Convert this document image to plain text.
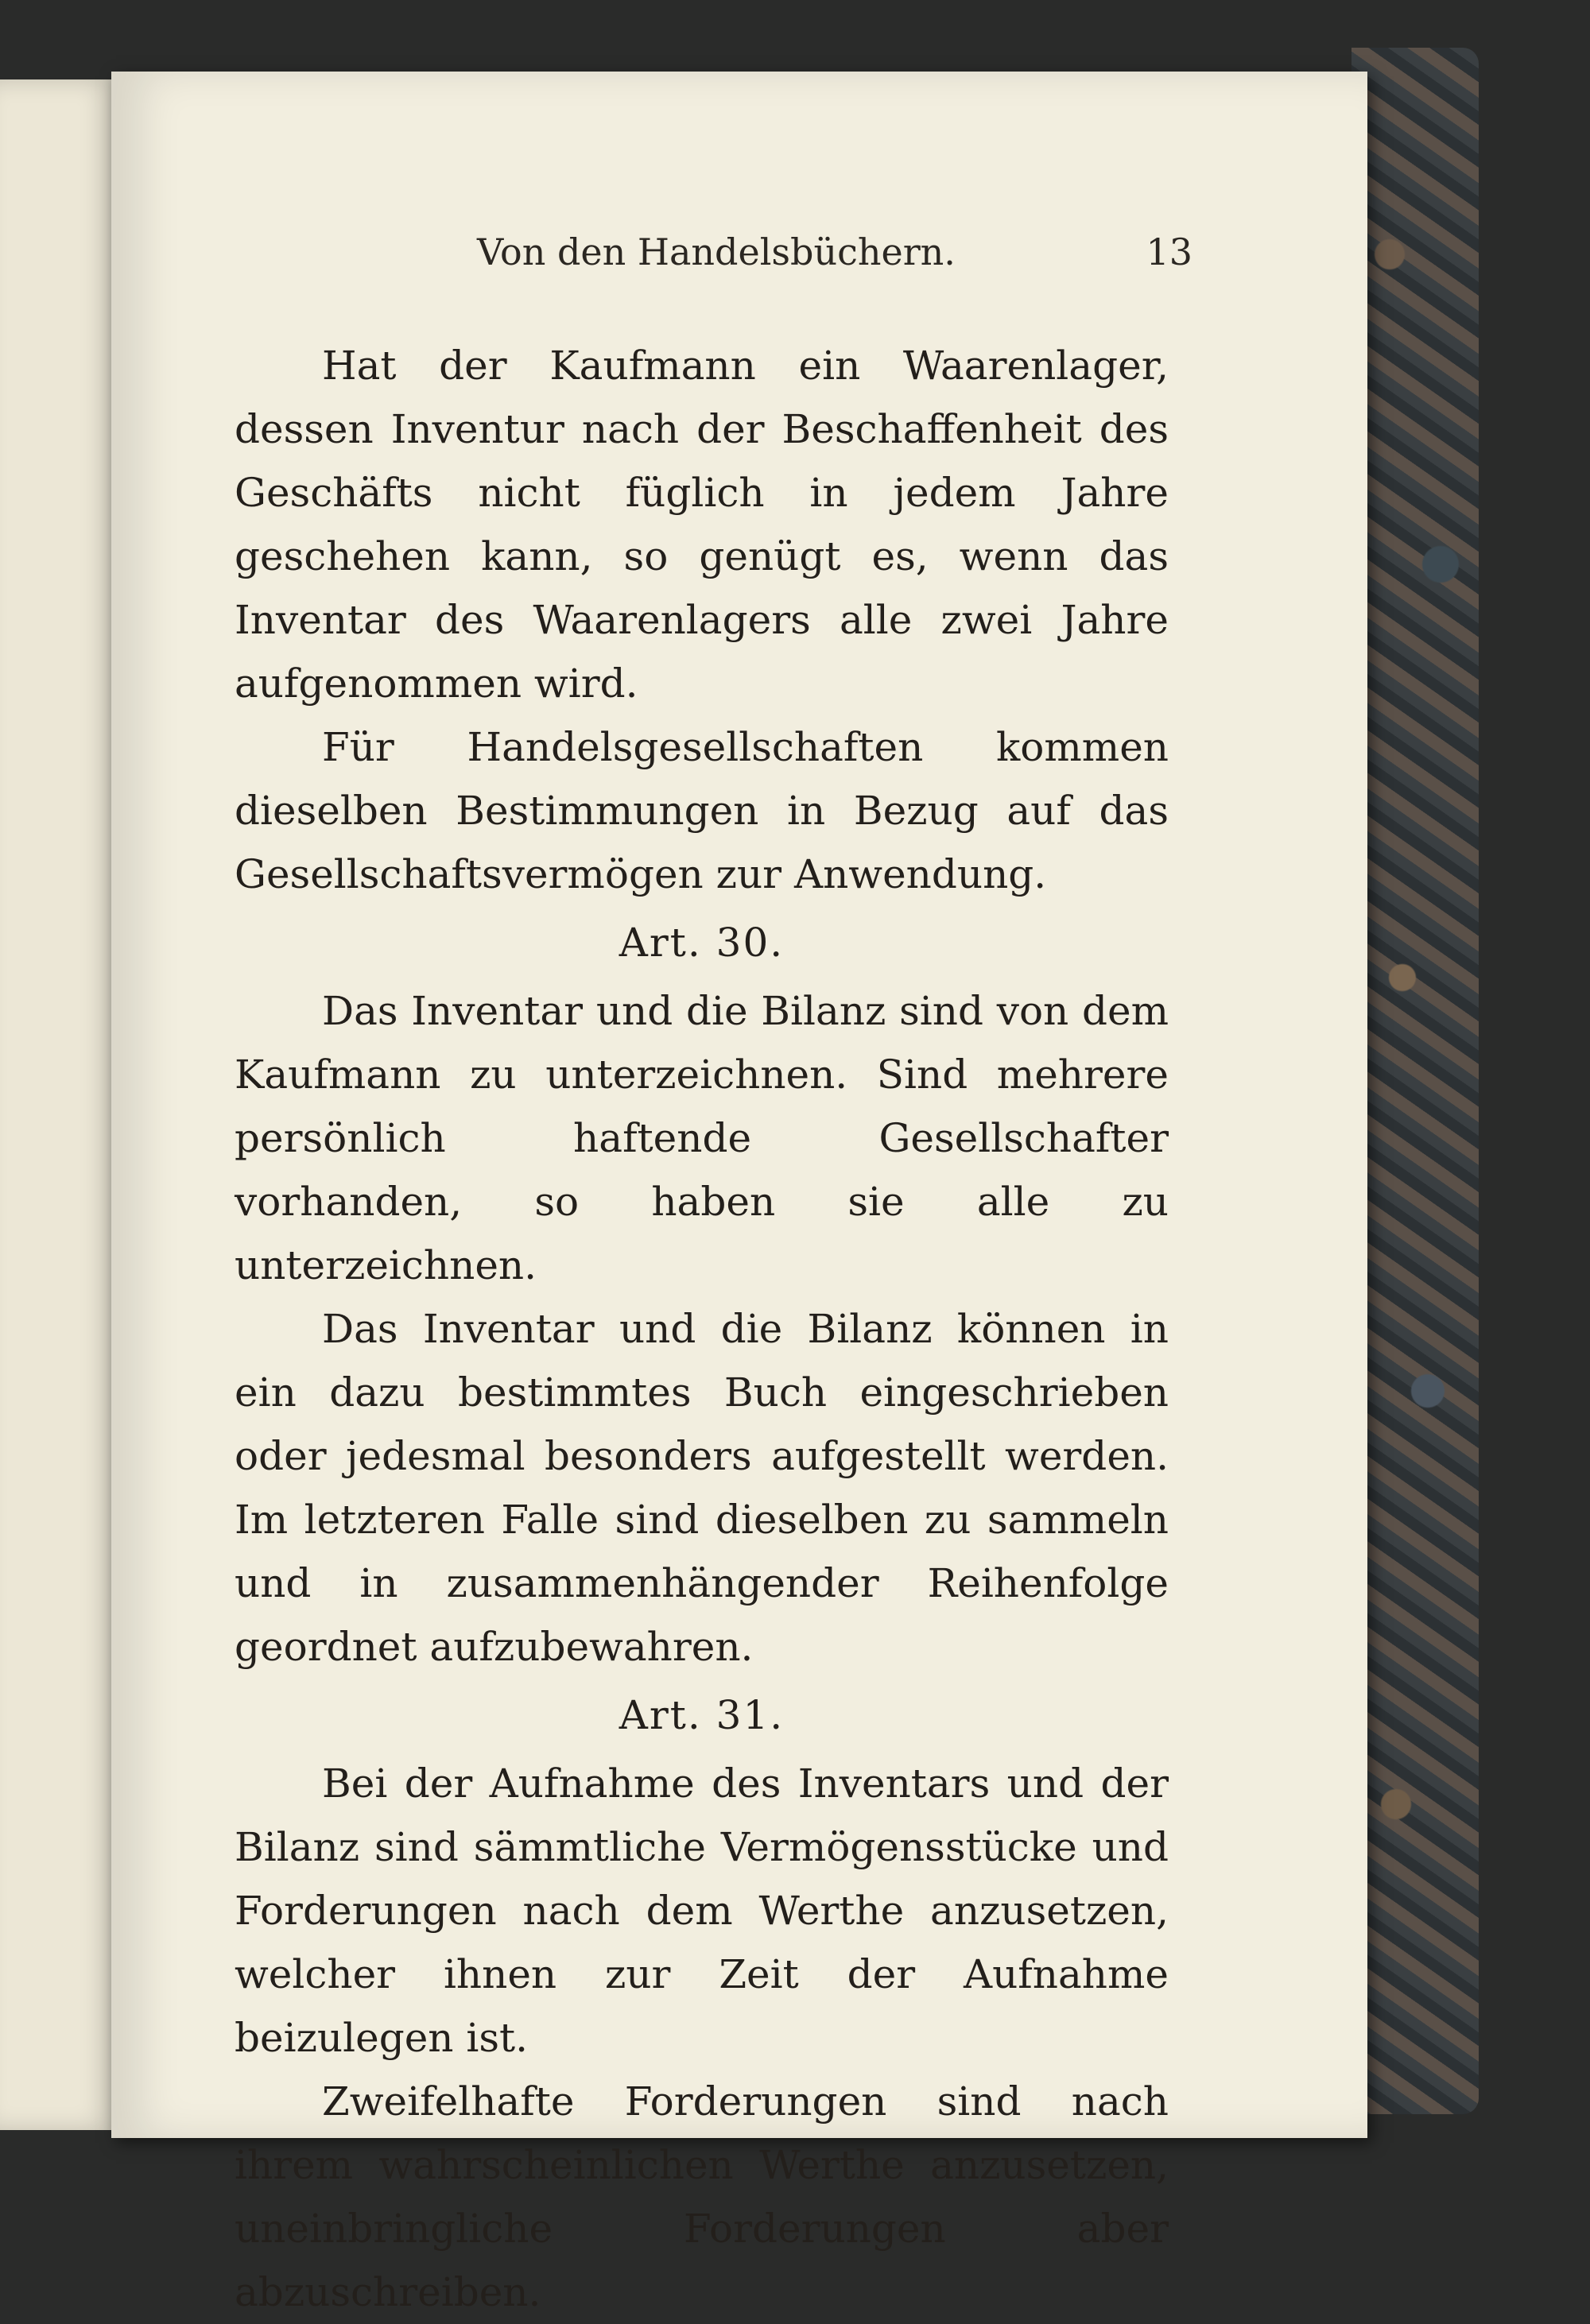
Von den Handelsbüchern.	13

Hat der Kaufmann ein Waarenlager, dessen Inventur nach der Beschaffenheit des Geschäfts nicht füglich in jedem Jahre geschehen kann, so genügt es, wenn das Inventar des Waarenlagers alle zwei Jahre aufgenommen wird.

Für Handelsgesellschaften kommen dieselben Bestimmungen in Bezug auf das Gesellschaftsvermögen zur Anwendung.

Art. 30.

Das Inventar und die Bilanz sind von dem Kaufmann zu unterzeichnen. Sind mehrere persönlich haftende Gesellschafter vorhanden, so haben sie alle zu unterzeichnen.

Das Inventar und die Bilanz können in ein dazu bestimmtes Buch eingeschrieben oder jedesmal besonders aufgestellt werden. Im letzteren Falle sind dieselben zu sammeln und in zusammenhängender Reihenfolge geordnet aufzubewahren.

Art. 31.

Bei der Aufnahme des Inventars und der Bilanz sind sämmtliche Vermögensstücke und Forderungen nach dem Werthe anzusetzen, welcher ihnen zur Zeit der Aufnahme beizulegen ist.

Zweifelhafte Forderungen sind nach ihrem wahrscheinlichen Werthe anzusetzen, uneinbringliche Forderungen aber abzuschreiben.
